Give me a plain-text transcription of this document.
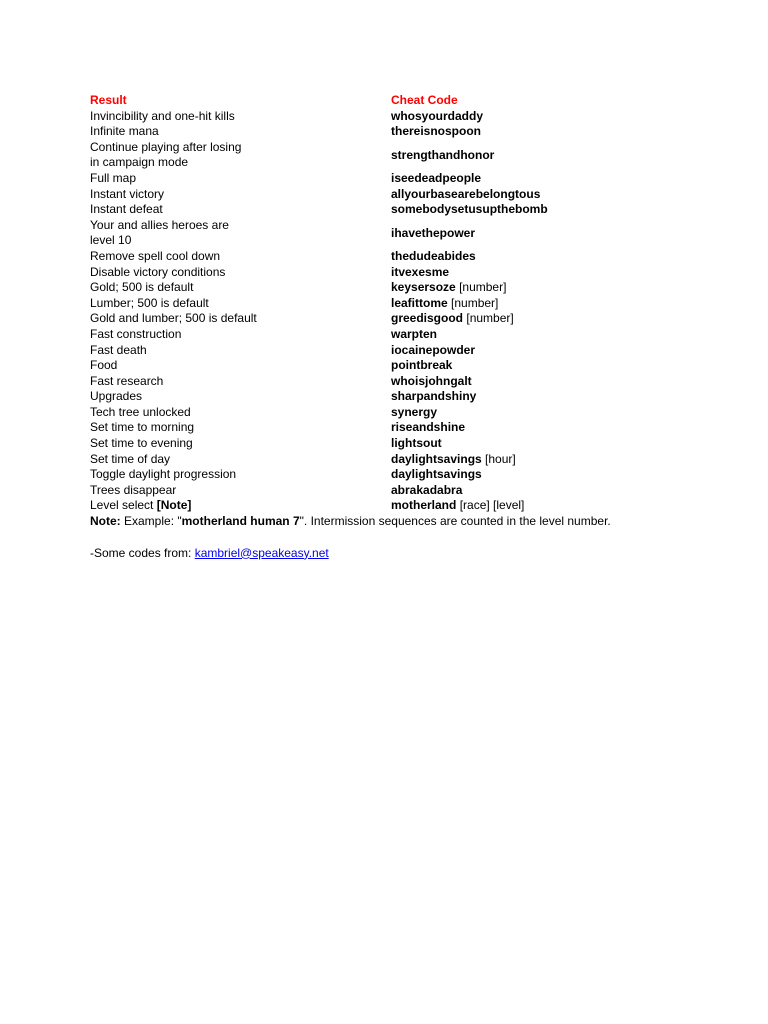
Result	Cheat Code
Invincibility and one-hit kills	whosyourdaddy
Infinite mana	thereisnospoon
Continue playing after losing
in campaign mode	strengthandhonor
Full map	iseedeadpeople
Instant victory	allyourbasearebelongtous
Instant defeat	somebodysetusupthebomb
Your and allies heroes are
level 10	ihavethepower
Remove spell cool down	thedudeabides
Disable victory conditions	itvexesme
Gold; 500 is default	keysersoze [number]
Lumber; 500 is default	leafittome [number]
Gold and lumber; 500 is default	greedisgood [number]
Fast construction	warpten
Fast death	iocainepowder
Food	pointbreak
Fast research	whoisjohngalt
Upgrades	sharpandshiny
Tech tree unlocked	synergy
Set time to morning	riseandshine
Set time to evening	lightsout
Set time of day	daylightsavings [hour]
Toggle daylight progression	daylightsavings
Trees disappear	abrakadabra
Level select [Note]	motherland [race] [level]
Note: Example: "motherland human 7". Intermission sequences are counted in the level number.
-Some codes from: kambriel@speakeasy.net
